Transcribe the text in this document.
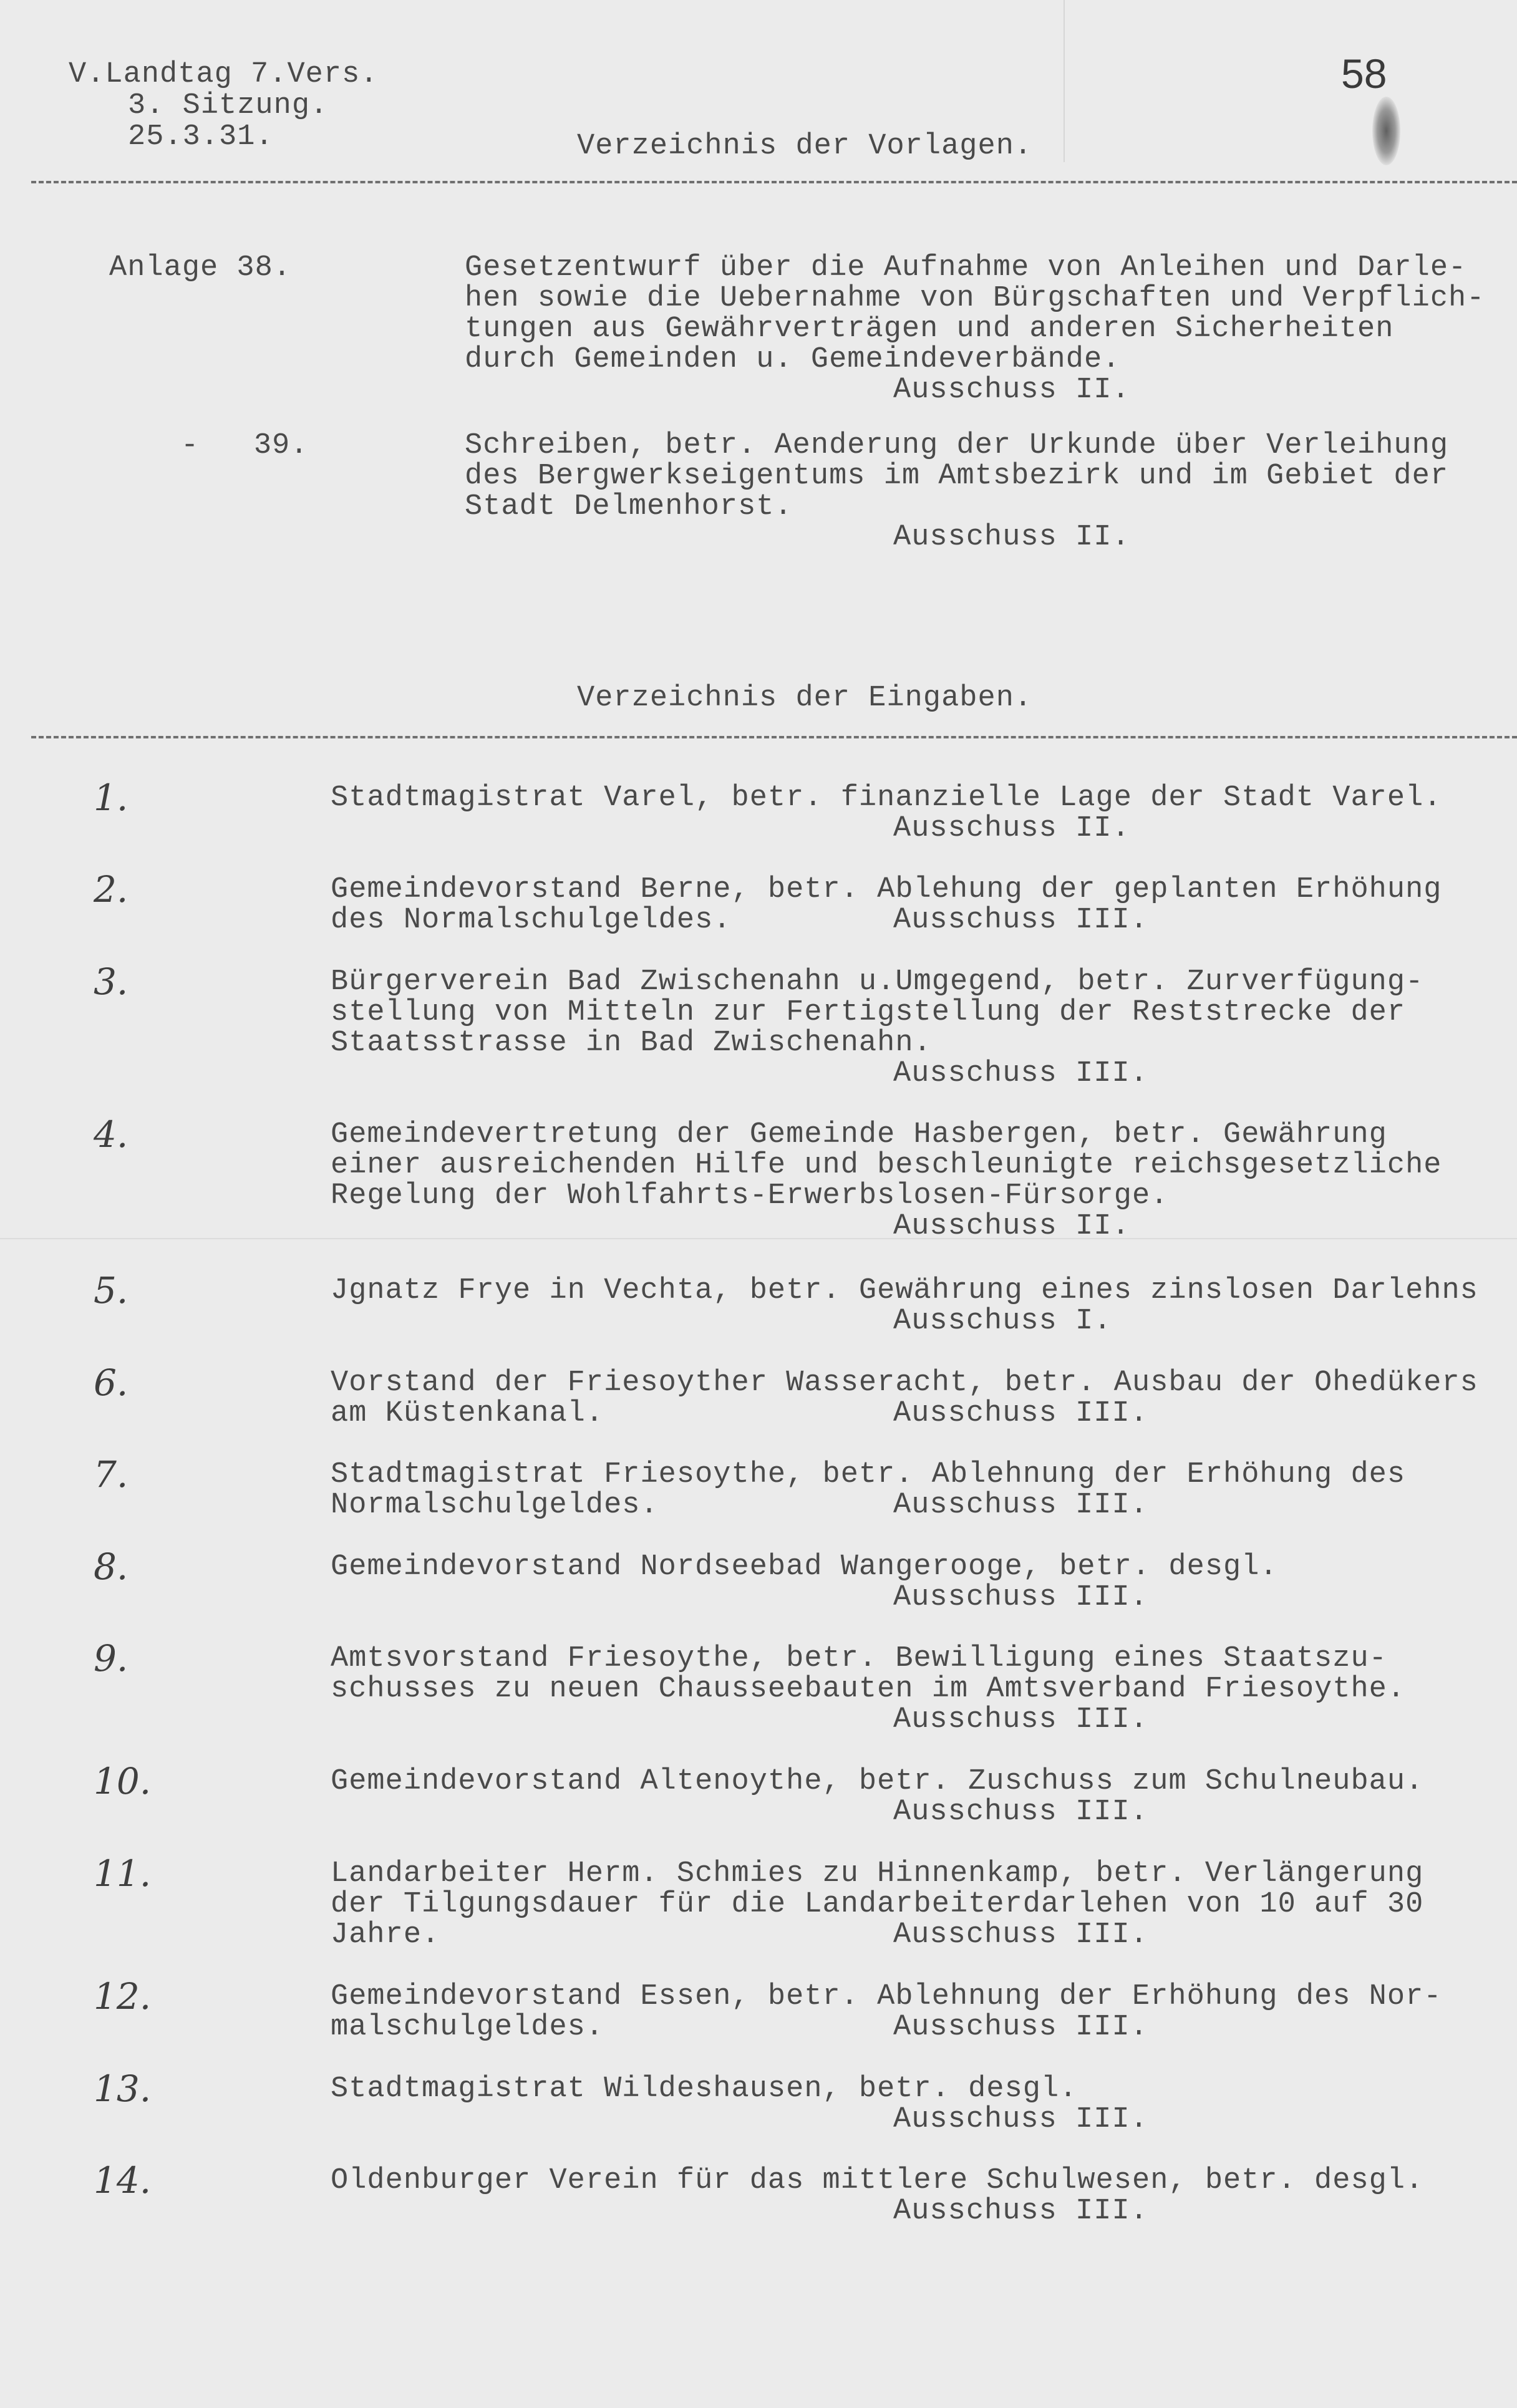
V.Landtag 7.Vers.
3. Sitzung.
25.3.31.	Verzeichnis der Vorlagen.
58
Anlage 38.	Gesetzentwurf über die Aufnahme von Anleihen und Darle-
hen sowie die Uebernahme von Bürgschaften und Verpflich-
tungen aus Gewährverträgen und anderen Sicherheiten
durch Gemeinden u. Gemeindeverbände.
Ausschuss II.
-   39.	Schreiben, betr. Aenderung der Urkunde über Verleihung
des Bergwerkseigentums im Amtsbezirk und im Gebiet der
Stadt Delmenhorst.
Ausschuss II.
Verzeichnis der Eingaben.
1.	Stadtmagistrat Varel, betr. finanzielle Lage der Stadt Varel.
Ausschuss II.
2.	Gemeindevorstand Berne, betr. Ablehung der geplanten Erhöhung
des Normalschulgeldes.	Ausschuss III.
3.	Bürgerverein Bad Zwischenahn u.Umgegend, betr. Zurverfügung-
stellung von Mitteln zur Fertigstellung der Reststrecke der
Staatsstrasse in Bad Zwischenahn.
Ausschuss III.
4.	Gemeindevertretung der Gemeinde Hasbergen, betr. Gewährung
einer ausreichenden Hilfe und beschleunigte reichsgesetzliche
Regelung der Wohlfahrts-Erwerbslosen-Fürsorge.
Ausschuss II.
5.	Jgnatz Frye in Vechta, betr. Gewährung eines zinslosen Darlehns
Ausschuss I.
6.	Vorstand der Friesoyther Wasseracht, betr. Ausbau der Ohedükers
am Küstenkanal.	Ausschuss III.
7.	Stadtmagistrat Friesoythe, betr. Ablehnung der Erhöhung des
Normalschulgeldes.	Ausschuss III.
8.	Gemeindevorstand Nordseebad Wangerooge, betr. desgl.
Ausschuss III.
9.	Amtsvorstand Friesoythe, betr. Bewilligung eines Staatszu-
schusses zu neuen Chausseebauten im Amtsverband Friesoythe.
Ausschuss III.
10.	Gemeindevorstand Altenoythe, betr. Zuschuss zum Schulneubau.
Ausschuss III.
11.	Landarbeiter Herm. Schmies zu Hinnenkamp, betr. Verlängerung
der Tilgungsdauer für die Landarbeiterdarlehen von 10 auf 30
Jahre.	Ausschuss III.
12.	Gemeindevorstand Essen, betr. Ablehnung der Erhöhung des Nor-
malschulgeldes.	Ausschuss III.
13.	Stadtmagistrat Wildeshausen, betr. desgl.
Ausschuss III.
14.	Oldenburger Verein für das mittlere Schulwesen, betr. desgl.
Ausschuss III.
